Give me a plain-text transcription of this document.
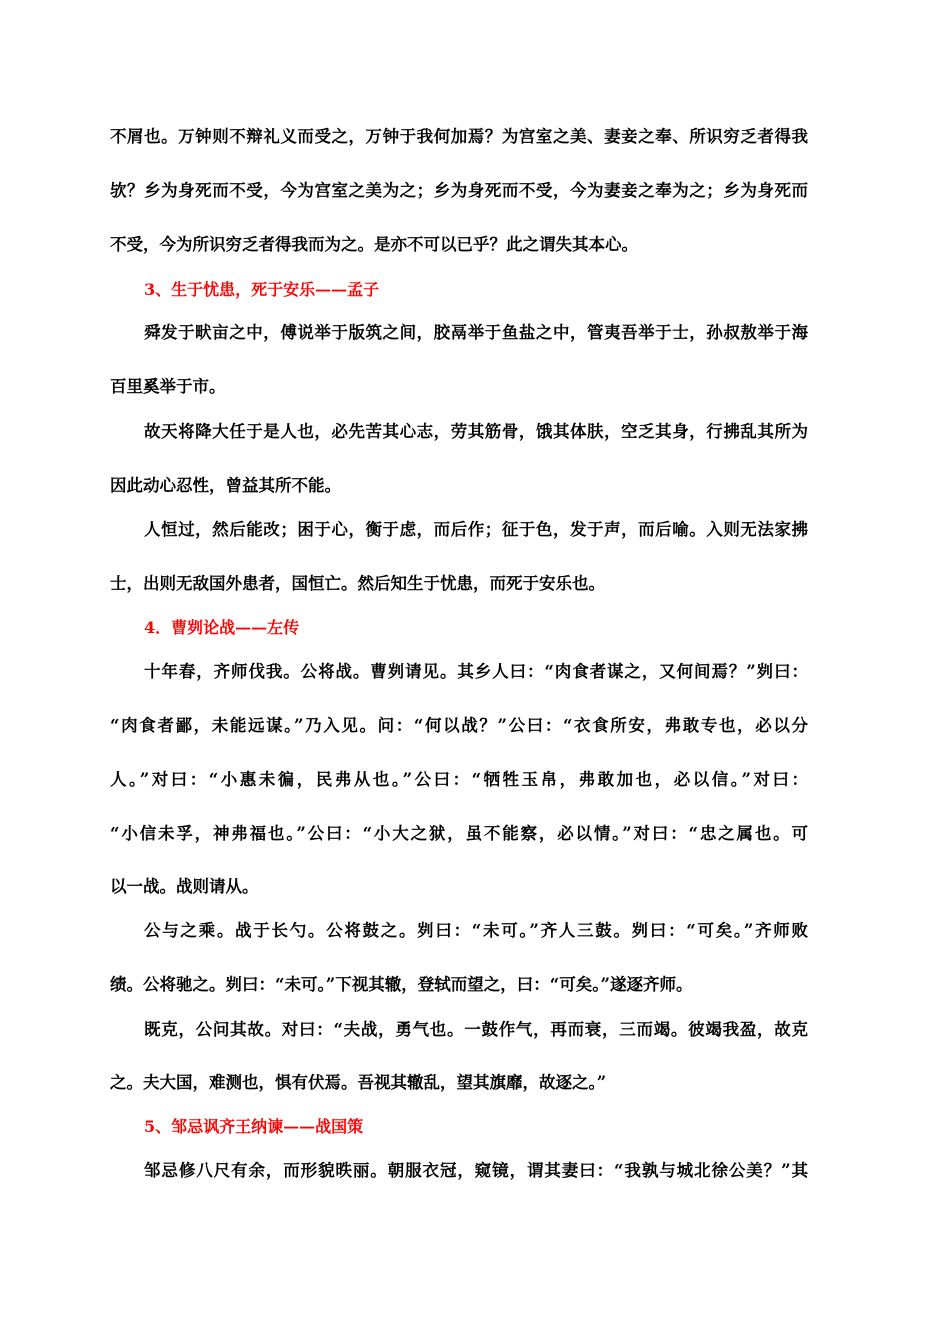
不屑也。万钟则不辩礼义而受之，万钟于我何加焉？为宫室之美、妻妾之奉、所识穷乏者得我
欤？乡为身死而不受，今为宫室之美为之；乡为身死而不受，今为妻妾之奉为之；乡为身死而
不受，今为所识穷乏者得我而为之。是亦不可以已乎？此之谓失其本心。
3、生于忧患，死于安乐——孟子
舜发于畎亩之中，傅说举于版筑之间，胶鬲举于鱼盐之中，管夷吾举于士，孙叔敖举于海
百里奚举于市。
故天将降大任于是人也，必先苦其心志，劳其筋骨，饿其体肤，空乏其身，行拂乱其所为
因此动心忍性，曾益其所不能。
人恒过，然后能改；困于心，衡于虑，而后作；征于色，发于声，而后喻。入则无法家拂
士，出则无敌国外患者，国恒亡。然后知生于忧患，而死于安乐也。
4．曹刿论战——左传
十年春，齐师伐我。公将战。曹刿请见。其乡人曰：“肉食者谋之，又何间焉？”刿曰：
“肉食者鄙，未能远谋。”乃入见。问：“何以战？”公曰：“衣食所安，弗敢专也，必以分
人。”对曰：“小惠未徧，民弗从也。”公曰：“牺牲玉帛，弗敢加也，必以信。”对曰：
“小信未孚，神弗福也。”公曰：“小大之狱，虽不能察，必以情。”对曰：“忠之属也。可
以一战。战则请从。
公与之乘。战于长勺。公将鼓之。刿曰：“未可。”齐人三鼓。刿曰：“可矣。”齐师败
绩。公将驰之。刿曰：“未可。”下视其辙，登轼而望之，曰：“可矣。”遂逐齐师。
既克，公问其故。对曰：“夫战，勇气也。一鼓作气，再而衰，三而竭。彼竭我盈，故克
之。夫大国，难测也，惧有伏焉。吾视其辙乱，望其旗靡，故逐之。”
5、邹忌讽齐王纳谏——战国策
邹忌修八尺有余，而形貌昳丽。朝服衣冠，窥镜，谓其妻曰：“我孰与城北徐公美？”其
